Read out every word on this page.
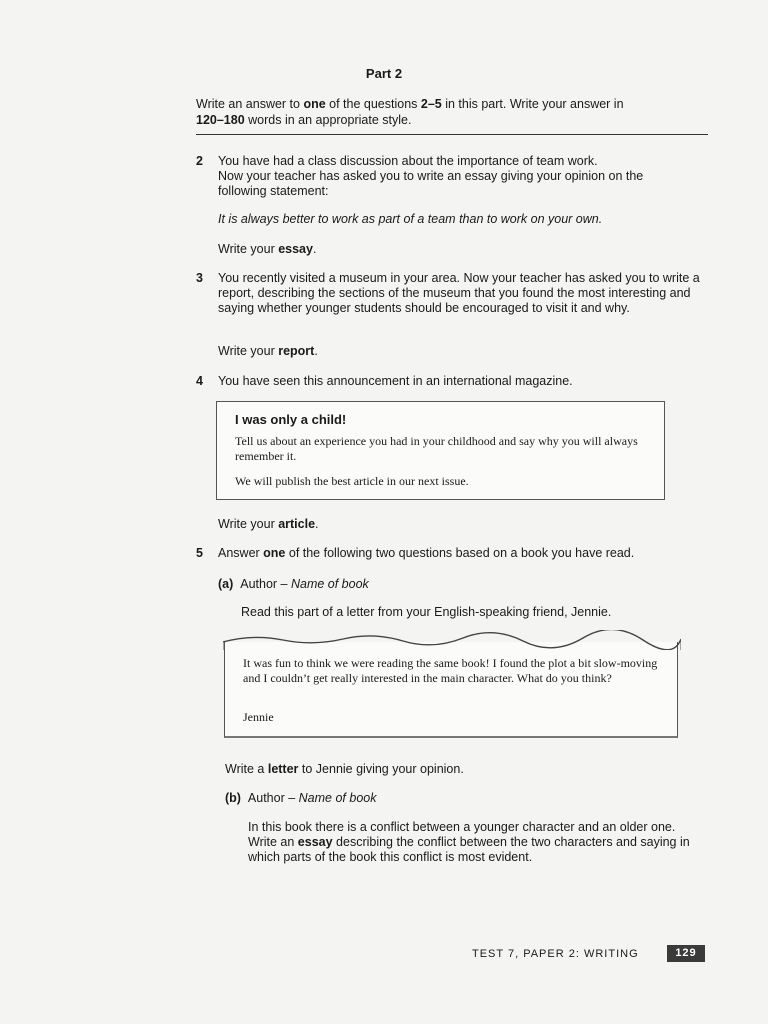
Part 2
Write an answer to one of the questions 2–5 in this part. Write your answer in
120–180 words in an appropriate style.
2 You have had a class discussion about the importance of team work.
Now your teacher has asked you to write an essay giving your opinion on the following statement:
It is always better to work as part of a team than to work on your own.
Write your essay.
3 You recently visited a museum in your area. Now your teacher has asked you to write a report, describing the sections of the museum that you found the most interesting and saying whether younger students should be encouraged to visit it and why.
Write your report.
4 You have seen this announcement in an international magazine.
I was only a child!
Tell us about an experience you had in your childhood and say why you will always remember it.
We will publish the best article in our next issue.
Write your article.
5 Answer one of the following two questions based on a book you have read.
(a) Author – Name of book
Read this part of a letter from your English-speaking friend, Jennie.
It was fun to think we were reading the same book! I found the plot a bit slow-moving and I couldn’t get really interested in the main character. What do you think?
Jennie
Write a letter to Jennie giving your opinion.
(b) Author – Name of book
In this book there is a conflict between a younger character and an older one. Write an essay describing the conflict between the two characters and saying in which parts of the book this conflict is most evident.
TEST 7, PAPER 2: WRITING	129
